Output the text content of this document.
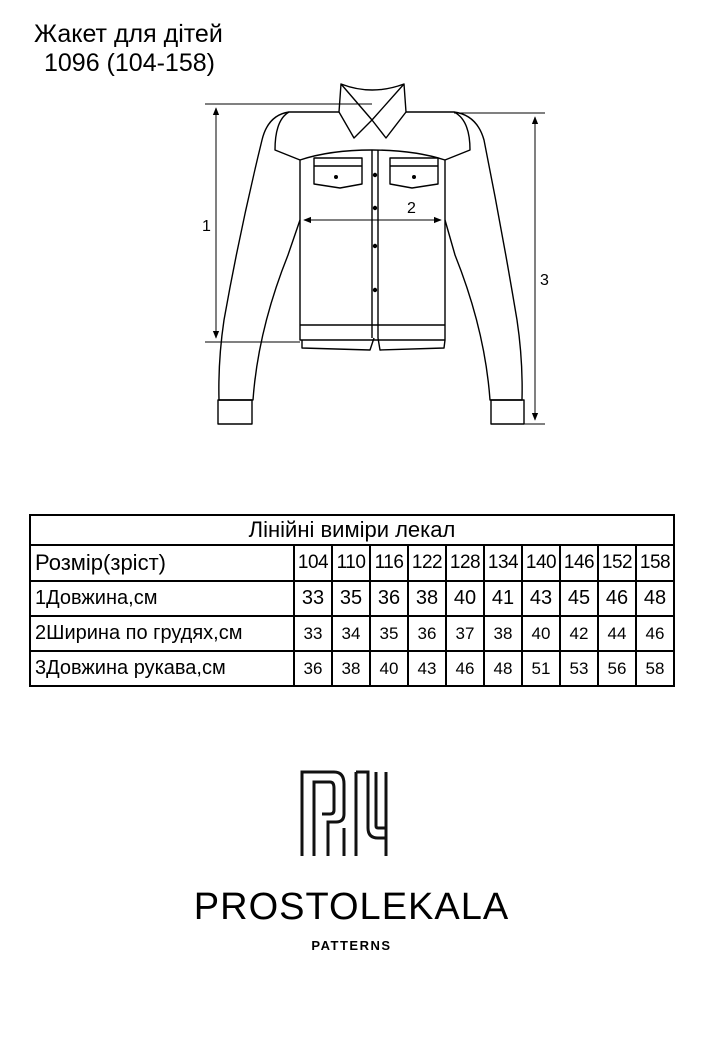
Жакет для дітей
1096 (104-158)
1
2
3
Лінійні виміри лекал										
Розмір(зріст)	104	110	116	122	128	134	140	146	152	158
1Довжина,см	33	35	36	38	40	41	43	45	46	48
2Ширина по грудях,см	33	34	35	36	37	38	40	42	44	46
3Довжина рукава,см	36	38	40	43	46	48	51	53	56	58
PROSTOLEKALA
PATTERNS
